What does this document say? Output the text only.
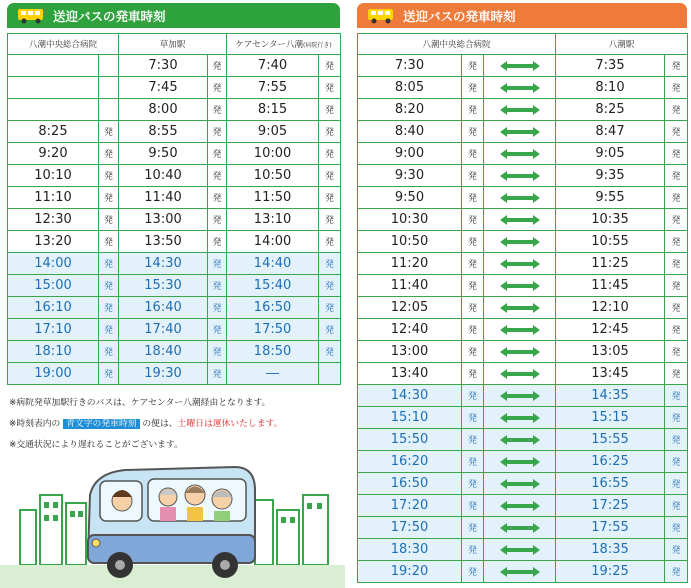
送迎バスの発車時刻	送迎バスの発車時刻
八潮中央総合病院		草加駅		ケアセンター八潮(病院行き)	
		7:30	発	7:40	発
		7:45	発	7:55	発
		8:00	発	8:15	発
8:25	発	8:55	発	9:05	発
9:20	発	9:50	発	10:00	発
10:10	発	10:40	発	10:50	発
11:10	発	11:40	発	11:50	発
12:30	発	13:00	発	13:10	発
13:20	発	13:50	発	14:00	発
14:00	発	14:30	発	14:40	発
15:00	発	15:30	発	15:40	発
16:10	発	16:40	発	16:50	発
17:10	発	17:40	発	17:50	発
18:10	発	18:40	発	18:50	発
19:00	発	19:30	発	―	
八潮中央総合病院			八潮駅	
7:30	発		7:35	発
8:05	発		8:10	発
8:20	発		8:25	発
8:40	発		8:47	発
9:00	発		9:05	発
9:30	発		9:35	発
9:50	発		9:55	発
10:30	発		10:35	発
10:50	発		10:55	発
11:20	発		11:25	発
11:40	発		11:45	発
12:05	発		12:10	発
12:40	発		12:45	発
13:00	発		13:05	発
13:40	発		13:45	発
14:30	発		14:35	発
15:10	発		15:15	発
15:50	発		15:55	発
16:20	発		16:25	発
16:50	発		16:55	発
17:20	発		17:25	発
17:50	発		17:55	発
18:30	発		18:35	発
19:20	発		19:25	発
※病院発草加駅行きのバスは、ケアセンター八潮経由となります。
※時刻表内の 青文字の発車時刻 の便は、土曜日は運休いたします。
※交通状況により遅れることがございます。
